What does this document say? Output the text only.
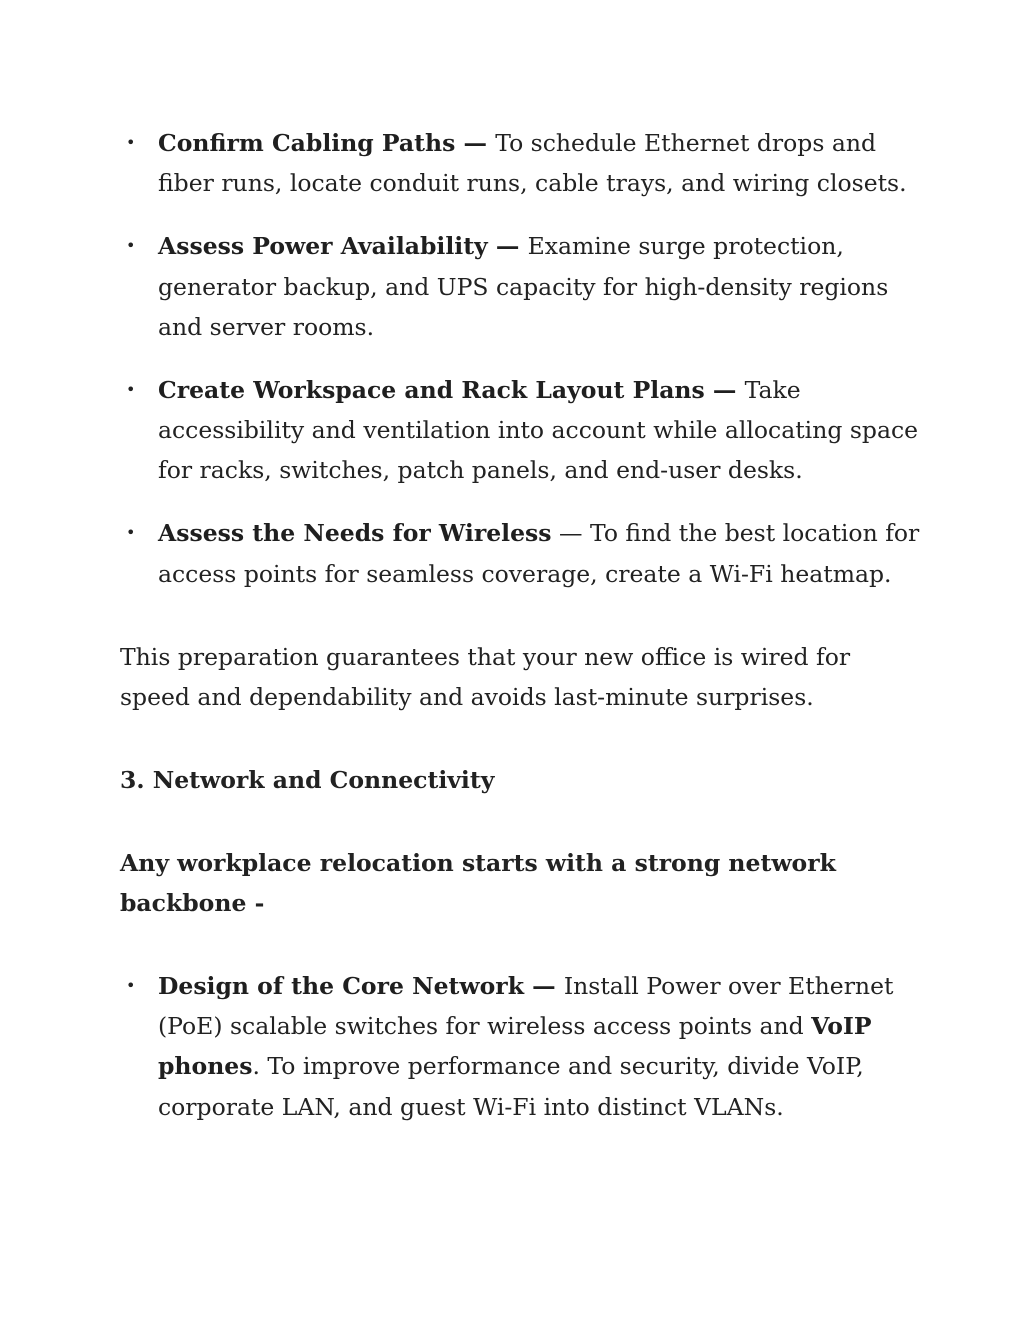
• Confirm Cabling Paths — To schedule Ethernet drops and fiber runs, locate conduit runs, cable trays, and wiring closets.
• Assess Power Availability — Examine surge protection, generator backup, and UPS capacity for high-density regions and server rooms.
• Create Workspace and Rack Layout Plans — Take accessibility and ventilation into account while allocating space for racks, switches, patch panels, and end-user desks.
• Assess the Needs for Wireless — To find the best location for access points for seamless coverage, create a Wi-Fi heatmap.

This preparation guarantees that your new office is wired for speed and dependability and avoids last-minute surprises.

3. Network and Connectivity

Any workplace relocation starts with a strong network backbone -

• Design of the Core Network — Install Power over Ethernet (PoE) scalable switches for wireless access points and VoIP phones. To improve performance and security, divide VoIP, corporate LAN, and guest Wi-Fi into distinct VLANs.
